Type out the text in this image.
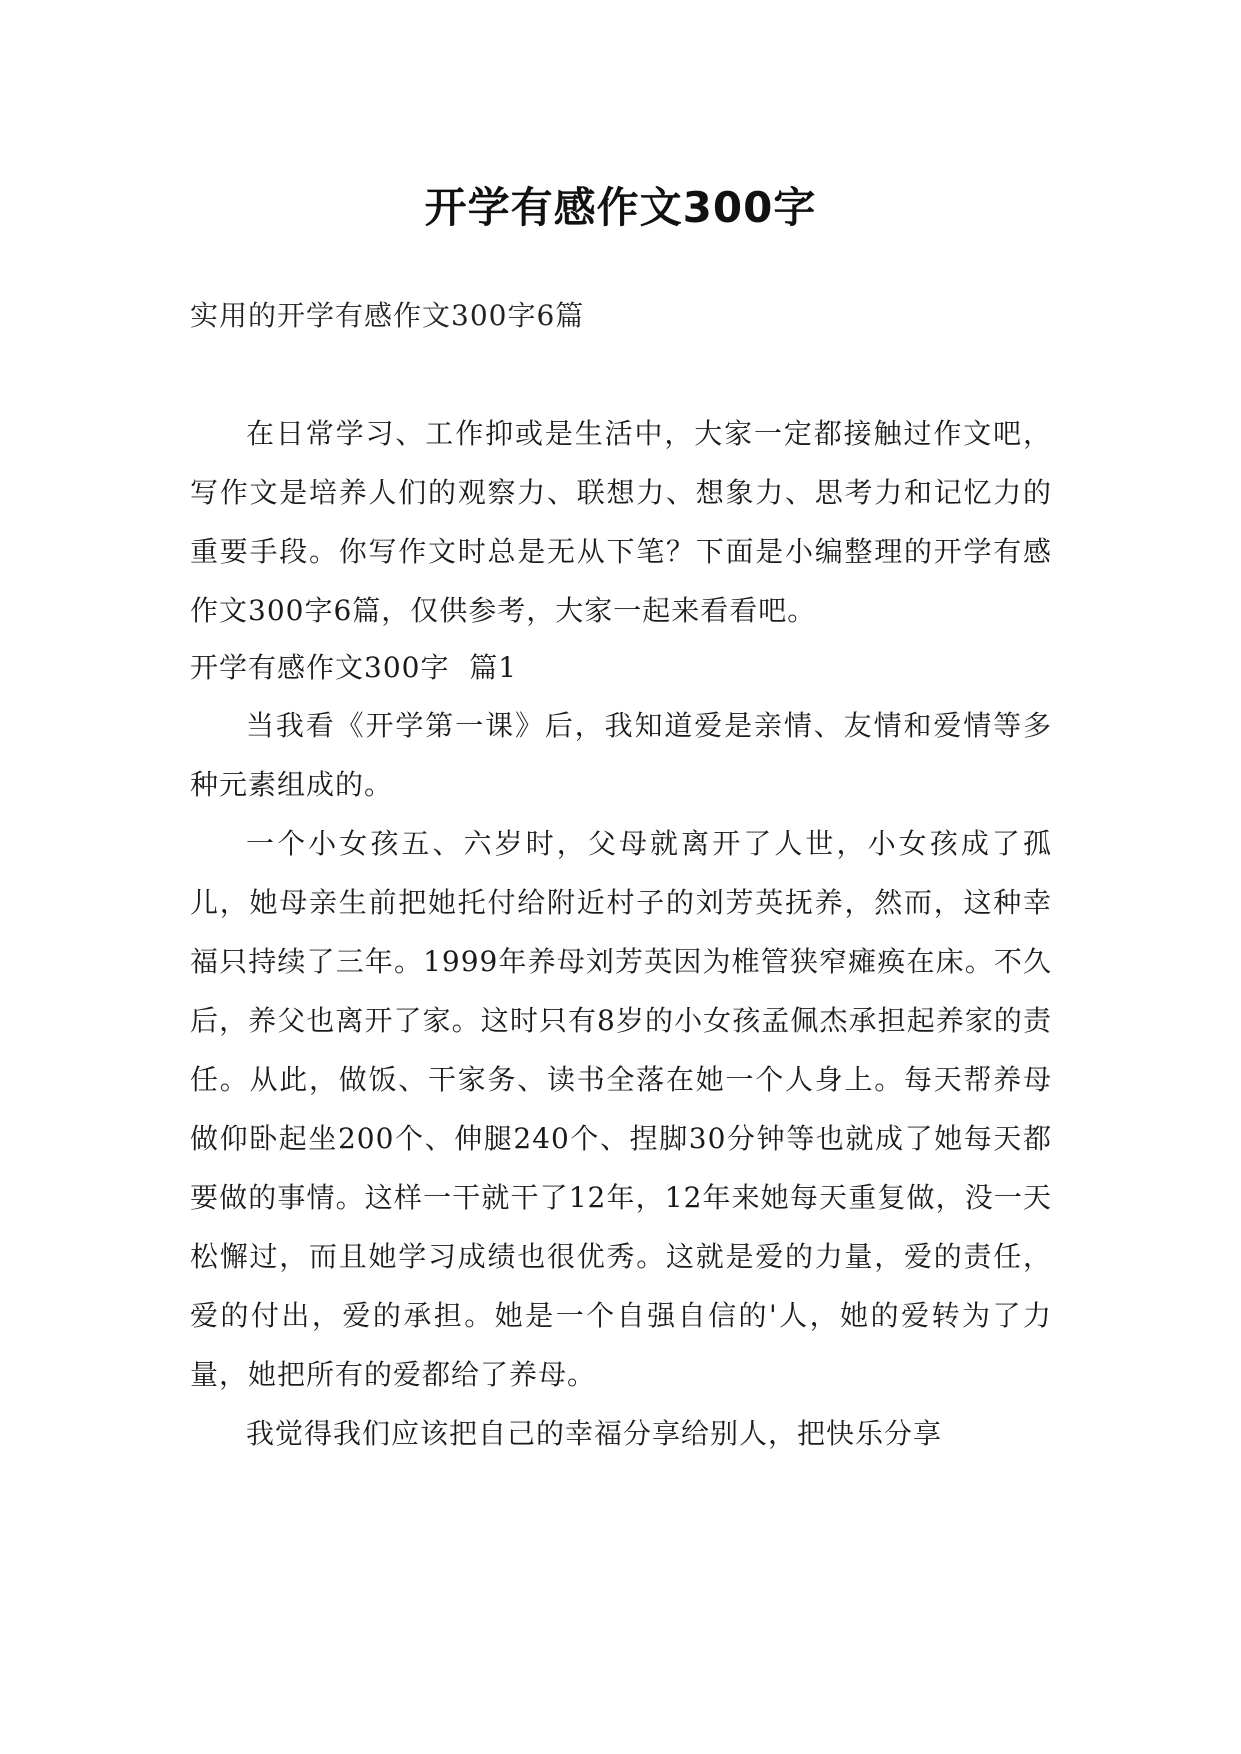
开学有感作文300字
实用的开学有感作文300字6篇

在日常学习、工作抑或是生活中，大家一定都接触过作文吧，写作文是培养人们的观察力、联想力、想象力、思考力和记忆力的重要手段。你写作文时总是无从下笔？下面是小编整理的开学有感作文300字6篇，仅供参考，大家一起来看看吧。

开学有感作文300字  篇1

当我看《开学第一课》后，我知道爱是亲情、友情和爱情等多种元素组成的。

一个小女孩五、六岁时，父母就离开了人世，小女孩成了孤儿，她母亲生前把她托付给附近村子的刘芳英抚养，然而，这种幸福只持续了三年。1999年养母刘芳英因为椎管狭窄瘫痪在床。不久后，养父也离开了家。这时只有8岁的小女孩孟佩杰承担起养家的责任。从此，做饭、干家务、读书全落在她一个人身上。每天帮养母做仰卧起坐200个、伸腿240个、捏脚30分钟等也就成了她每天都要做的事情。这样一干就干了12年，12年来她每天重复做，没一天松懈过，而且她学习成绩也很优秀。这就是爱的力量，爱的责任，爱的付出，爱的承担。她是一个自强自信的'人，她的爱转为了力量，她把所有的爱都给了养母。

我觉得我们应该把自己的幸福分享给别人，把快乐分享
